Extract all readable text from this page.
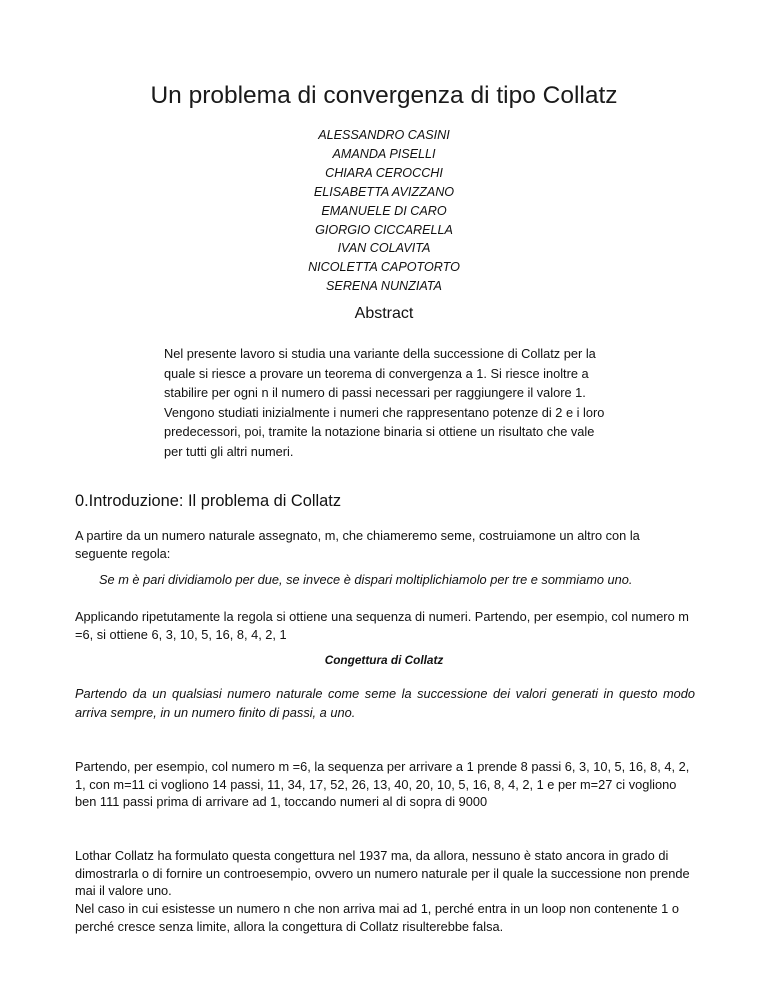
Un problema di convergenza di tipo Collatz
ALESSANDRO CASINI
AMANDA PISELLI
CHIARA CEROCCHI
ELISABETTA AVIZZANO
EMANUELE DI CARO
GIORGIO CICCARELLA
IVAN COLAVITA
NICOLETTA CAPOTORTO
SERENA NUNZIATA
Abstract
Nel presente lavoro si studia una variante della successione di Collatz per la quale si riesce a provare un teorema di convergenza a 1. Si riesce inoltre a stabilire per ogni n il numero di passi necessari per raggiungere il valore 1. Vengono studiati inizialmente i numeri che rappresentano potenze di 2 e i loro predecessori, poi, tramite la notazione binaria si ottiene un risultato che vale per tutti gli altri numeri.
0.Introduzione: Il problema di Collatz
A partire da un numero naturale assegnato, m, che chiameremo seme, costruiamone un altro con la seguente regola:
Se m è pari dividiamolo per due, se invece è dispari moltiplichiamolo per tre e sommiamo uno.
Applicando ripetutamente la regola si ottiene una sequenza di numeri. Partendo, per esempio, col numero m =6, si ottiene 6, 3, 10, 5, 16, 8, 4, 2, 1
Congettura di Collatz
Partendo da un qualsiasi numero naturale come seme la successione dei valori generati in questo modo arriva sempre, in un numero finito di passi, a uno.
Partendo, per esempio, col numero m =6, la sequenza per arrivare a 1 prende 8 passi 6, 3, 10, 5, 16, 8, 4, 2, 1, con m=11 ci vogliono 14 passi, 11, 34, 17, 52, 26, 13, 40, 20, 10, 5, 16, 8, 4, 2, 1 e per m=27 ci vogliono ben 111 passi prima di arrivare ad 1, toccando numeri al di sopra di 9000
Lothar Collatz ha formulato questa congettura nel 1937 ma, da allora, nessuno è stato ancora in grado di dimostrarla o di fornire un controesempio, ovvero un numero naturale per il quale la successione non prende mai il valore uno.
Nel caso in cui esistesse un numero n che non arriva mai ad 1, perché entra in un loop non contenente 1 o perché cresce senza limite, allora la congettura di Collatz risulterebbe falsa.
